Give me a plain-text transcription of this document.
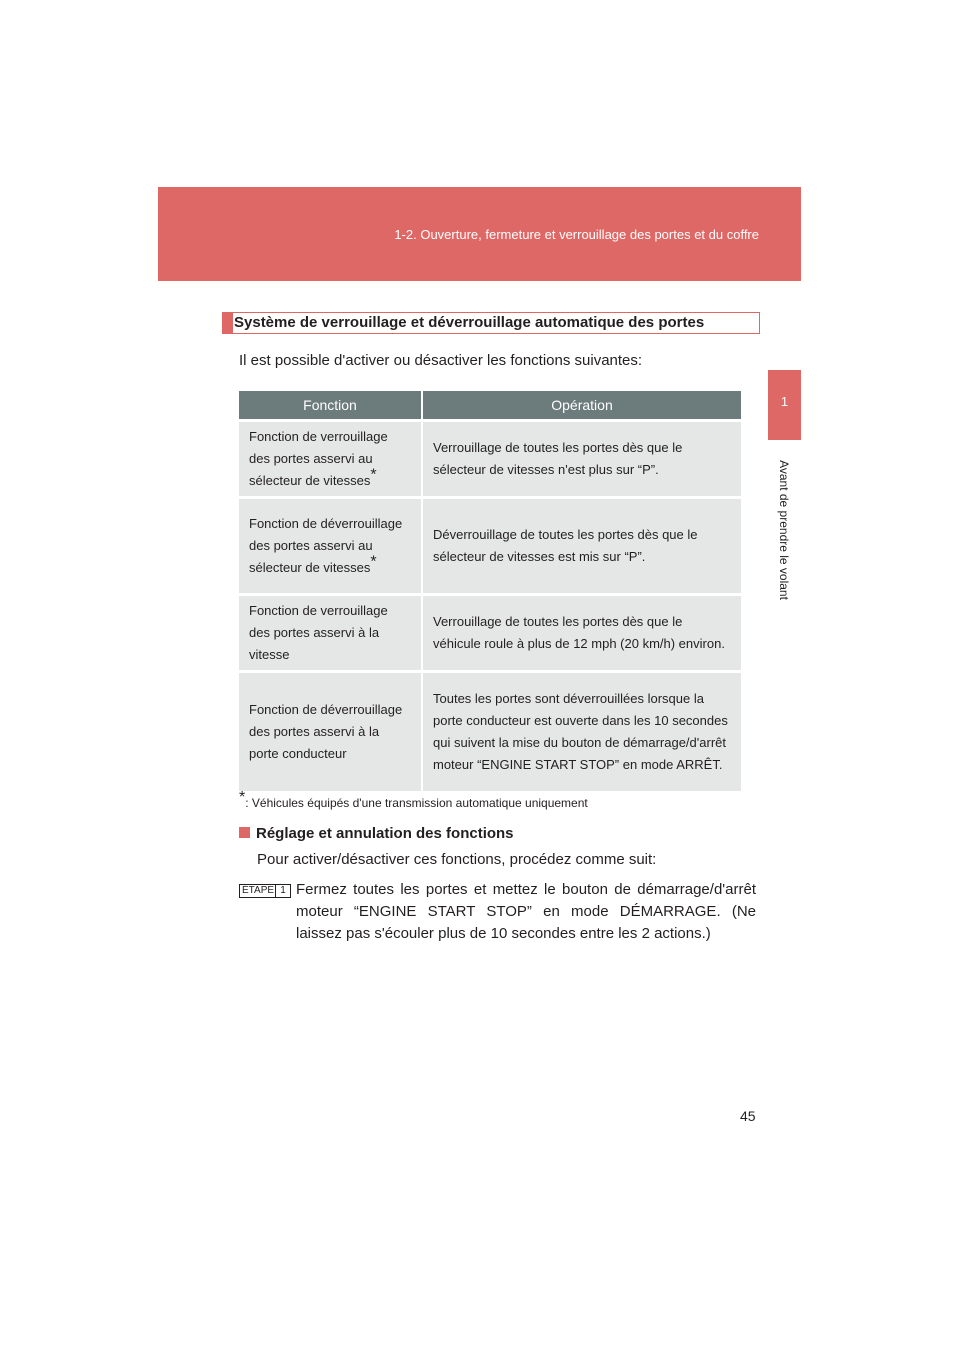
1-2. Ouverture, fermeture et verrouillage des portes et du coffre
1
Avant de prendre le volant
Système de verrouillage et déverrouillage automatique des portes
Il est possible d'activer ou désactiver les fonctions suivantes:
Fonction	Opération
Fonction de verrouillage des portes asservi au sélecteur de vitesses*	Verrouillage de toutes les portes dès que le sélecteur de vitesses n'est plus sur “P”.
Fonction de déverrouillage des portes asservi au sélecteur de vitesses*	Déverrouillage de toutes les portes dès que le sélecteur de vitesses est mis sur “P”.
Fonction de verrouillage des portes asservi à la vitesse	Verrouillage de toutes les portes dès que le véhicule roule à plus de 12 mph (20 km/h) environ.
Fonction de déverrouillage des portes asservi à la porte conducteur	Toutes les portes sont déverrouillées lorsque la porte conducteur est ouverte dans les 10 secondes qui suivent la mise du bouton de démarrage/d'arrêt moteur “ENGINE START STOP” en mode ARRÊT.
*: Véhicules équipés d'une transmission automatique uniquement
Réglage et annulation des fonctions
Pour activer/désactiver ces fonctions, procédez comme suit:
ÉTAPE 1 Fermez toutes les portes et mettez le bouton de démarrage/d'arrêt moteur “ENGINE START STOP” en mode DÉMARRAGE. (Ne laissez pas s'écouler plus de 10 secondes entre les 2 actions.)
45
